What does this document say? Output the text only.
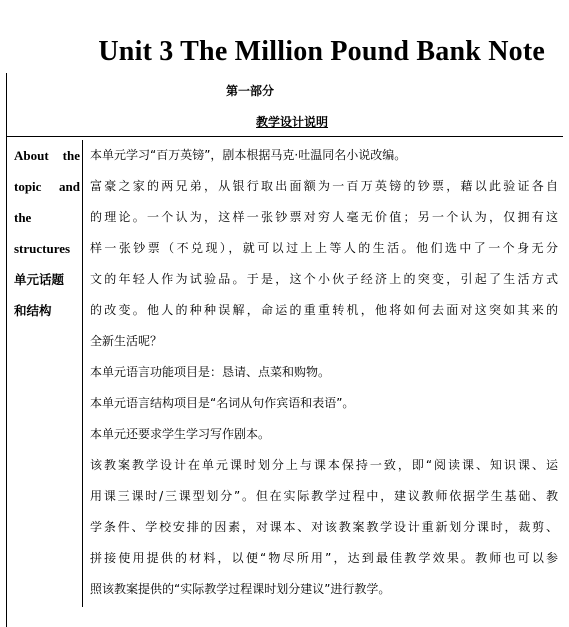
Unit 3 The Million Pound Bank Note
第一部分
教学设计说明
About the
topic and
the
structures
单元话题
和结构

本单元学习“百万英镑”，剧本根据马克·吐温同名小说改编。

富豪之家的两兄弟，从银行取出面额为一百万英镑的钞票，藉以此验证各自
的理论。一个认为，这样一张钞票对穷人毫无价值；另一个认为，仅拥有这
样一张钞票（不兑现），就可以过上上等人的生活。他们选中了一个身无分
文的年轻人作为试验品。于是，这个小伙子经济上的突变，引起了生活方式
的改变。他人的种种误解，命运的重重转机，他将如何去面对这突如其来的
全新生活呢？

本单元语言功能项目是：恳请、点菜和购物。

本单元语言结构项目是“名词从句作宾语和表语”。

本单元还要求学生学习写作剧本。

该教案教学设计在单元课时划分上与课本保持一致，即“阅读课、知识课、运
用课三课时/三课型划分”。但在实际教学过程中，建议教师依据学生基础、教
学条件、学校安排的因素，对课本、对该教案教学设计重新划分课时，裁剪、
拼接使用提供的材料，以便“物尽所用”，达到最佳教学效果。教师也可以参
照该教案提供的“实际教学过程课时划分建议”进行教学。
